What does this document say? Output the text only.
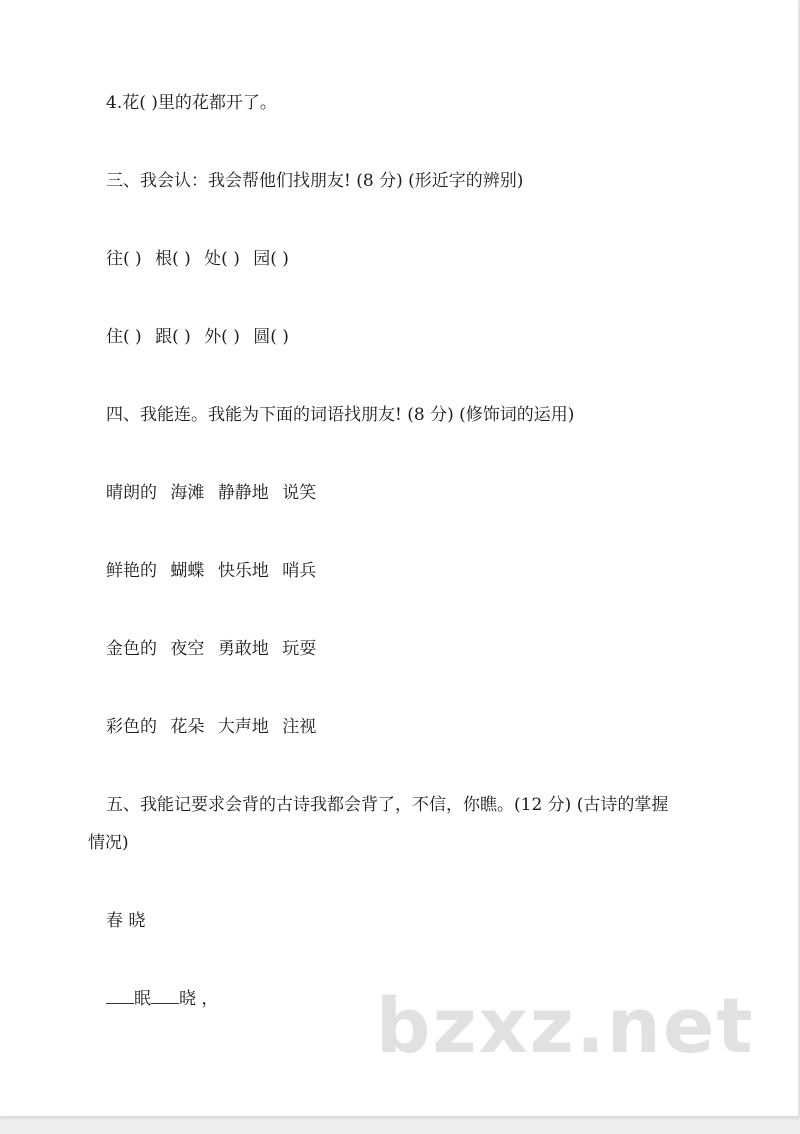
4.花( )里的花都开了。
三、我会认：我会帮他们找朋友! (8 分) (形近字的辨别)
往( ) 根( ) 处( ) 园( )
住( ) 跟( ) 外( ) 圆( )
四、我能连。我能为下面的词语找朋友! (8 分) (修饰词的运用)
晴朗的 海滩 静静地 说笑
鲜艳的 蝴蝶 快乐地 哨兵
金色的 夜空 勇敢地 玩耍
彩色的 花朵 大声地 注视
五、我能记要求会背的古诗我都会背了，不信，你瞧。(12 分) (古诗的掌握
情况)
春 晓
眠 晓 ， bzxz.net
